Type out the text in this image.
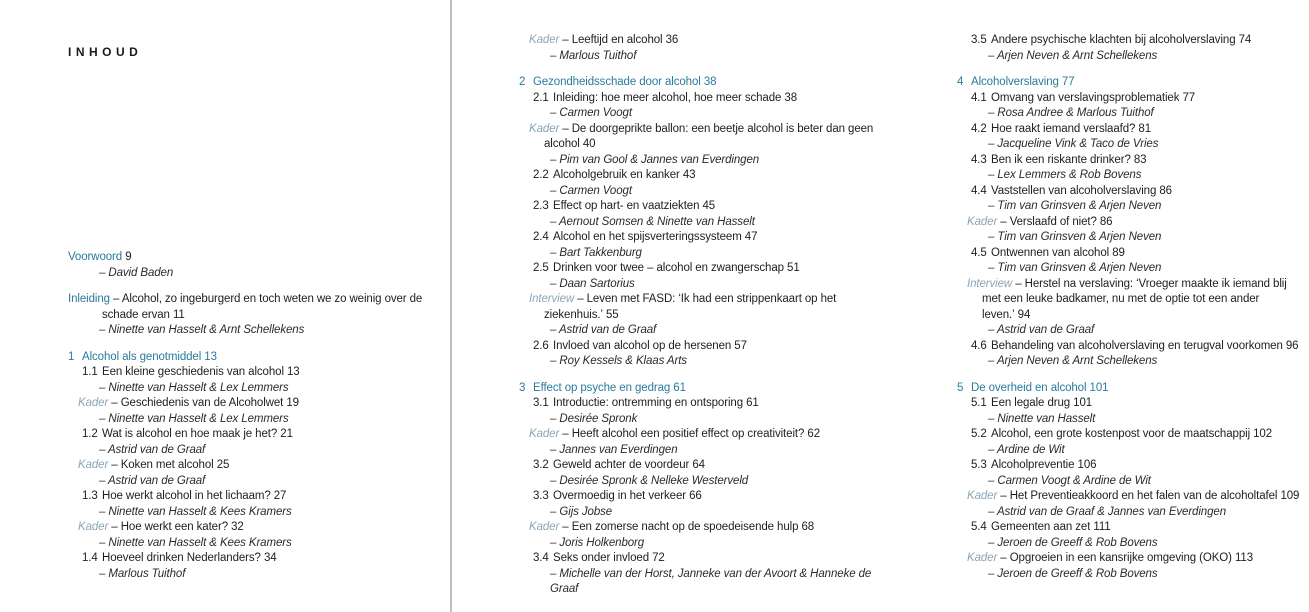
INHOUD
Voorwoord 9
– David Baden
Inleiding – Alcohol, zo ingeburgerd en toch weten we zo weinig over de schade ervan 11
– Ninette van Hasselt & Arnt Schellekens
1 Alcohol als genotmiddel 13
1.1 Een kleine geschiedenis van alcohol 13
– Ninette van Hasselt & Lex Lemmers
Kader – Geschiedenis van de Alcoholwet 19
– Ninette van Hasselt & Lex Lemmers
1.2 Wat is alcohol en hoe maak je het? 21
– Astrid van de Graaf
Kader – Koken met alcohol 25
– Astrid van de Graaf
1.3 Hoe werkt alcohol in het lichaam? 27
– Ninette van Hasselt & Kees Kramers
Kader – Hoe werkt een kater? 32
– Ninette van Hasselt & Kees Kramers
1.4 Hoeveel drinken Nederlanders? 34
– Marlous Tuithof
Kader – Leeftijd en alcohol 36
– Marlous Tuithof
2 Gezondheidsschade door alcohol 38
2.1 Inleiding: hoe meer alcohol, hoe meer schade 38
– Carmen Voogt
Kader – De doorgeprikte ballon: een beetje alcohol is beter dan geen alcohol 40
– Pim van Gool & Jannes van Everdingen
2.2 Alcoholgebruik en kanker 43
– Carmen Voogt
2.3 Effect op hart- en vaatziekten 45
– Aernout Somsen & Ninette van Hasselt
2.4 Alcohol en het spijsverteringssysteem 47
– Bart Takkenburg
2.5 Drinken voor twee – alcohol en zwangerschap 51
– Daan Sartorius
Interview – Leven met FASD: ‘Ik had een strippenkaart op het ziekenhuis.’ 55
– Astrid van de Graaf
2.6 Invloed van alcohol op de hersenen 57
– Roy Kessels & Klaas Arts
3 Effect op psyche en gedrag 61
3.1 Introductie: ontremming en ontsporing 61
– Desirée Spronk
Kader – Heeft alcohol een positief effect op creativiteit? 62
– Jannes van Everdingen
3.2 Geweld achter de voordeur 64
– Desirée Spronk & Nelleke Westerveld
3.3 Overmoedig in het verkeer 66
– Gijs Jobse
Kader – Een zomerse nacht op de spoedeisende hulp 68
– Joris Holkenborg
3.4 Seks onder invloed 72
– Michelle van der Horst, Janneke van der Avoort & Hanneke de Graaf
3.5 Andere psychische klachten bij alcoholverslaving 74
– Arjen Neven & Arnt Schellekens
4 Alcoholverslaving 77
4.1 Omvang van verslavingsproblematiek 77
– Rosa Andree & Marlous Tuithof
4.2 Hoe raakt iemand verslaafd? 81
– Jacqueline Vink & Taco de Vries
4.3 Ben ik een riskante drinker? 83
– Lex Lemmers & Rob Bovens
4.4 Vaststellen van alcoholverslaving 86
– Tim van Grinsven & Arjen Neven
Kader – Verslaafd of niet? 86
– Tim van Grinsven & Arjen Neven
4.5 Ontwennen van alcohol 89
– Tim van Grinsven & Arjen Neven
Interview – Herstel na verslaving: ‘Vroeger maakte ik iemand blij met een leuke badkamer, nu met de optie tot een ander leven.’ 94
– Astrid van de Graaf
4.6 Behandeling van alcoholverslaving en terugval voorkomen 96
– Arjen Neven & Arnt Schellekens
5 De overheid en alcohol 101
5.1 Een legale drug 101
– Ninette van Hasselt
5.2 Alcohol, een grote kostenpost voor de maatschappij 102
– Ardine de Wit
5.3 Alcoholpreventie 106
– Carmen Voogt & Ardine de Wit
Kader – Het Preventieakkoord en het falen van de alcoholtafel 109
– Astrid van de Graaf & Jannes van Everdingen
5.4 Gemeenten aan zet 111
– Jeroen de Greeff & Rob Bovens
Kader – Opgroeien in een kansrijke omgeving (OKO) 113
– Jeroen de Greeff & Rob Bovens
